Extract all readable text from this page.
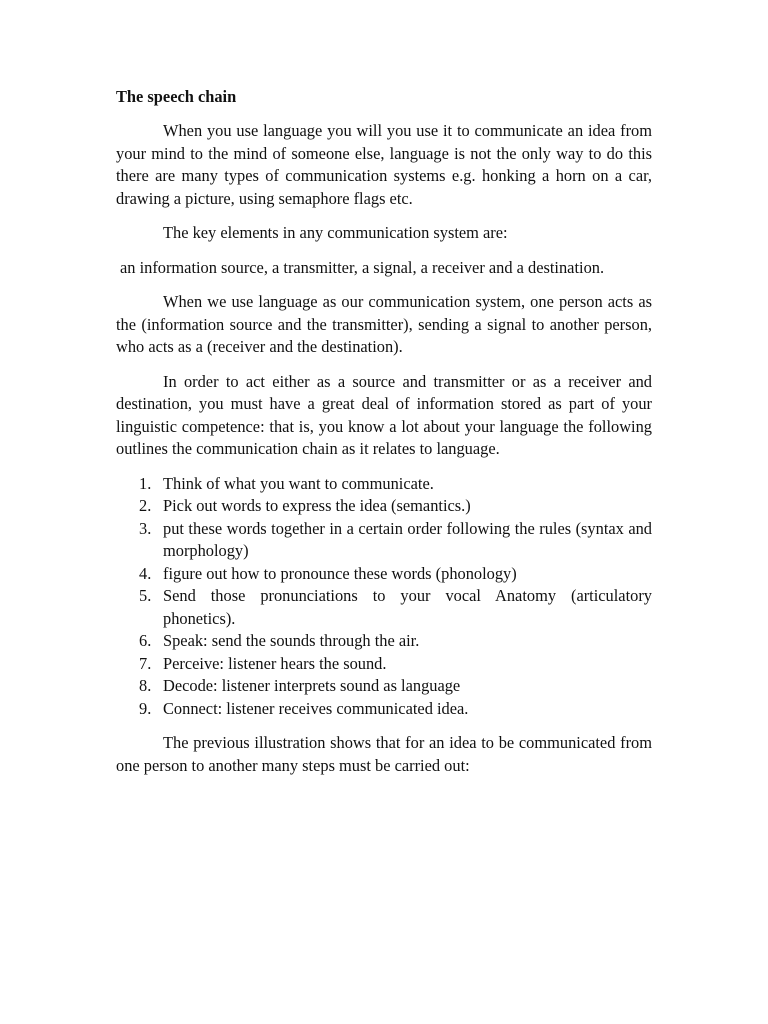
The speech chain

When you use language you will you use it to communicate an idea from your mind to the mind of someone else, language is not the only way to do this there are many types of communication systems e.g. honking a horn on a car, drawing a picture, using semaphore flags etc.

The key elements in any communication system are:

an information source, a transmitter, a signal, a receiver and a destination.

When we use language as our communication system, one person acts as the (information source and the transmitter), sending a signal to another person, who acts as a (receiver and the destination).

In order to act either as a source and transmitter or as a receiver and destination, you must have a great deal of information stored as part of your linguistic competence: that is, you know a lot about your language the following outlines the communication chain as it relates to language.

1. Think of what you want to communicate.
2. Pick out words to express the idea (semantics.)
3. put these words together in a certain order following the rules (syntax and morphology)
4. figure out how to pronounce these words (phonology)
5. Send those pronunciations to your vocal Anatomy (articulatory phonetics).
6. Speak: send the sounds through the air.
7. Perceive: listener hears the sound.
8. Decode: listener interprets sound as language
9. Connect: listener receives communicated idea.

The previous illustration shows that for an idea to be communicated from one person to another many steps must be carried out:
